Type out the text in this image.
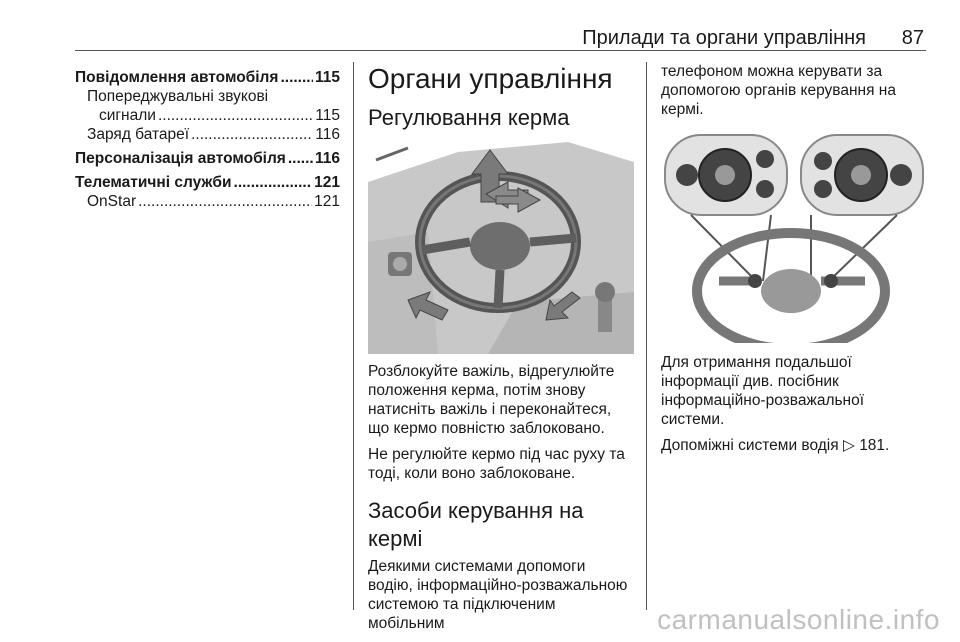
Прилади та органи управління 87
Повідомлення автомобіля ..... 115
Попереджувальні звукові
сигнали .....	115
Заряд батареї .....	116
Персоналізація автомобіля ..... 116
Телематичні служби .....	121
OnStar .....	121
Органи управління
Регулювання керма

Розблокуйте важіль, відрегулюйте положення керма, потім знову натисніть важіль і переконайтеся, що кермо повністю заблоковано.

Не регулюйте кермо під час руху та тоді, коли воно заблоковане.

Засоби керування на кермі

Деякими системами допомоги водію, інформаційно-розважальною системою та підключеним мобільним

телефоном можна керувати за допомогою органів керування на кермі.

Для отримання подальшої інформації див. посібник інформаційно-розважальної системи.

Допоміжні системи водія ▷ 181.

carmanualsonline.info
